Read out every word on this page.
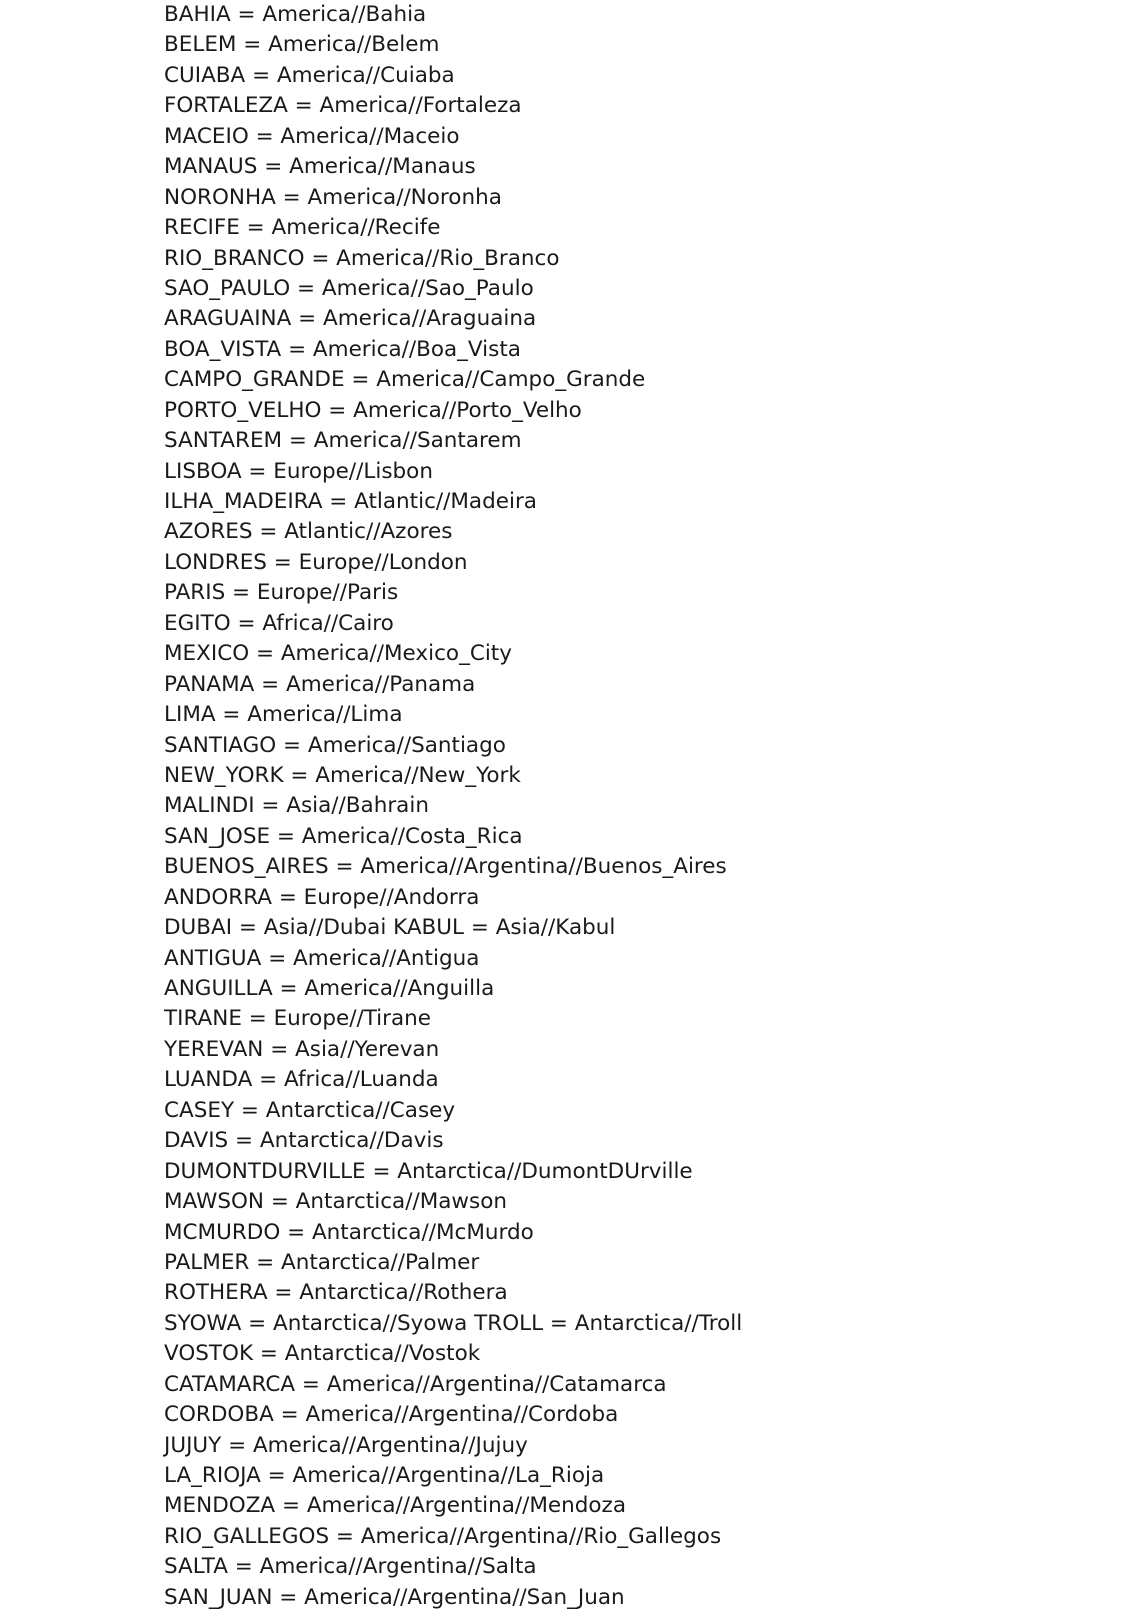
BAHIA = America//Bahia
BELEM = America//Belem
CUIABA = America//Cuiaba
FORTALEZA = America//Fortaleza
MACEIO = America//Maceio
MANAUS = America//Manaus
NORONHA = America//Noronha
RECIFE = America//Recife
RIO_BRANCO = America//Rio_Branco
SAO_PAULO = America//Sao_Paulo
ARAGUAINA = America//Araguaina
BOA_VISTA = America//Boa_Vista
CAMPO_GRANDE = America//Campo_Grande
PORTO_VELHO = America//Porto_Velho
SANTAREM = America//Santarem
LISBOA = Europe//Lisbon
ILHA_MADEIRA = Atlantic//Madeira
AZORES = Atlantic//Azores
LONDRES = Europe//London
PARIS = Europe//Paris
EGITO = Africa//Cairo
MEXICO = America//Mexico_City
PANAMA = America//Panama
LIMA = America//Lima
SANTIAGO = America//Santiago
NEW_YORK = America//New_York
MALINDI = Asia//Bahrain
SAN_JOSE = America//Costa_Rica
BUENOS_AIRES = America//Argentina//Buenos_Aires
ANDORRA = Europe//Andorra
DUBAI = Asia//Dubai KABUL = Asia//Kabul
ANTIGUA = America//Antigua
ANGUILLA = America//Anguilla
TIRANE = Europe//Tirane
YEREVAN = Asia//Yerevan
LUANDA = Africa//Luanda
CASEY = Antarctica//Casey
DAVIS = Antarctica//Davis
DUMONTDURVILLE = Antarctica//DumontDUrville
MAWSON = Antarctica//Mawson
MCMURDO = Antarctica//McMurdo
PALMER = Antarctica//Palmer
ROTHERA = Antarctica//Rothera
SYOWA = Antarctica//Syowa TROLL = Antarctica//Troll
VOSTOK = Antarctica//Vostok
CATAMARCA = America//Argentina//Catamarca
CORDOBA = America//Argentina//Cordoba
JUJUY = America//Argentina//Jujuy
LA_RIOJA = America//Argentina//La_Rioja
MENDOZA = America//Argentina//Mendoza
RIO_GALLEGOS = America//Argentina//Rio_Gallegos
SALTA = America//Argentina//Salta
SAN_JUAN = America//Argentina//San_Juan
